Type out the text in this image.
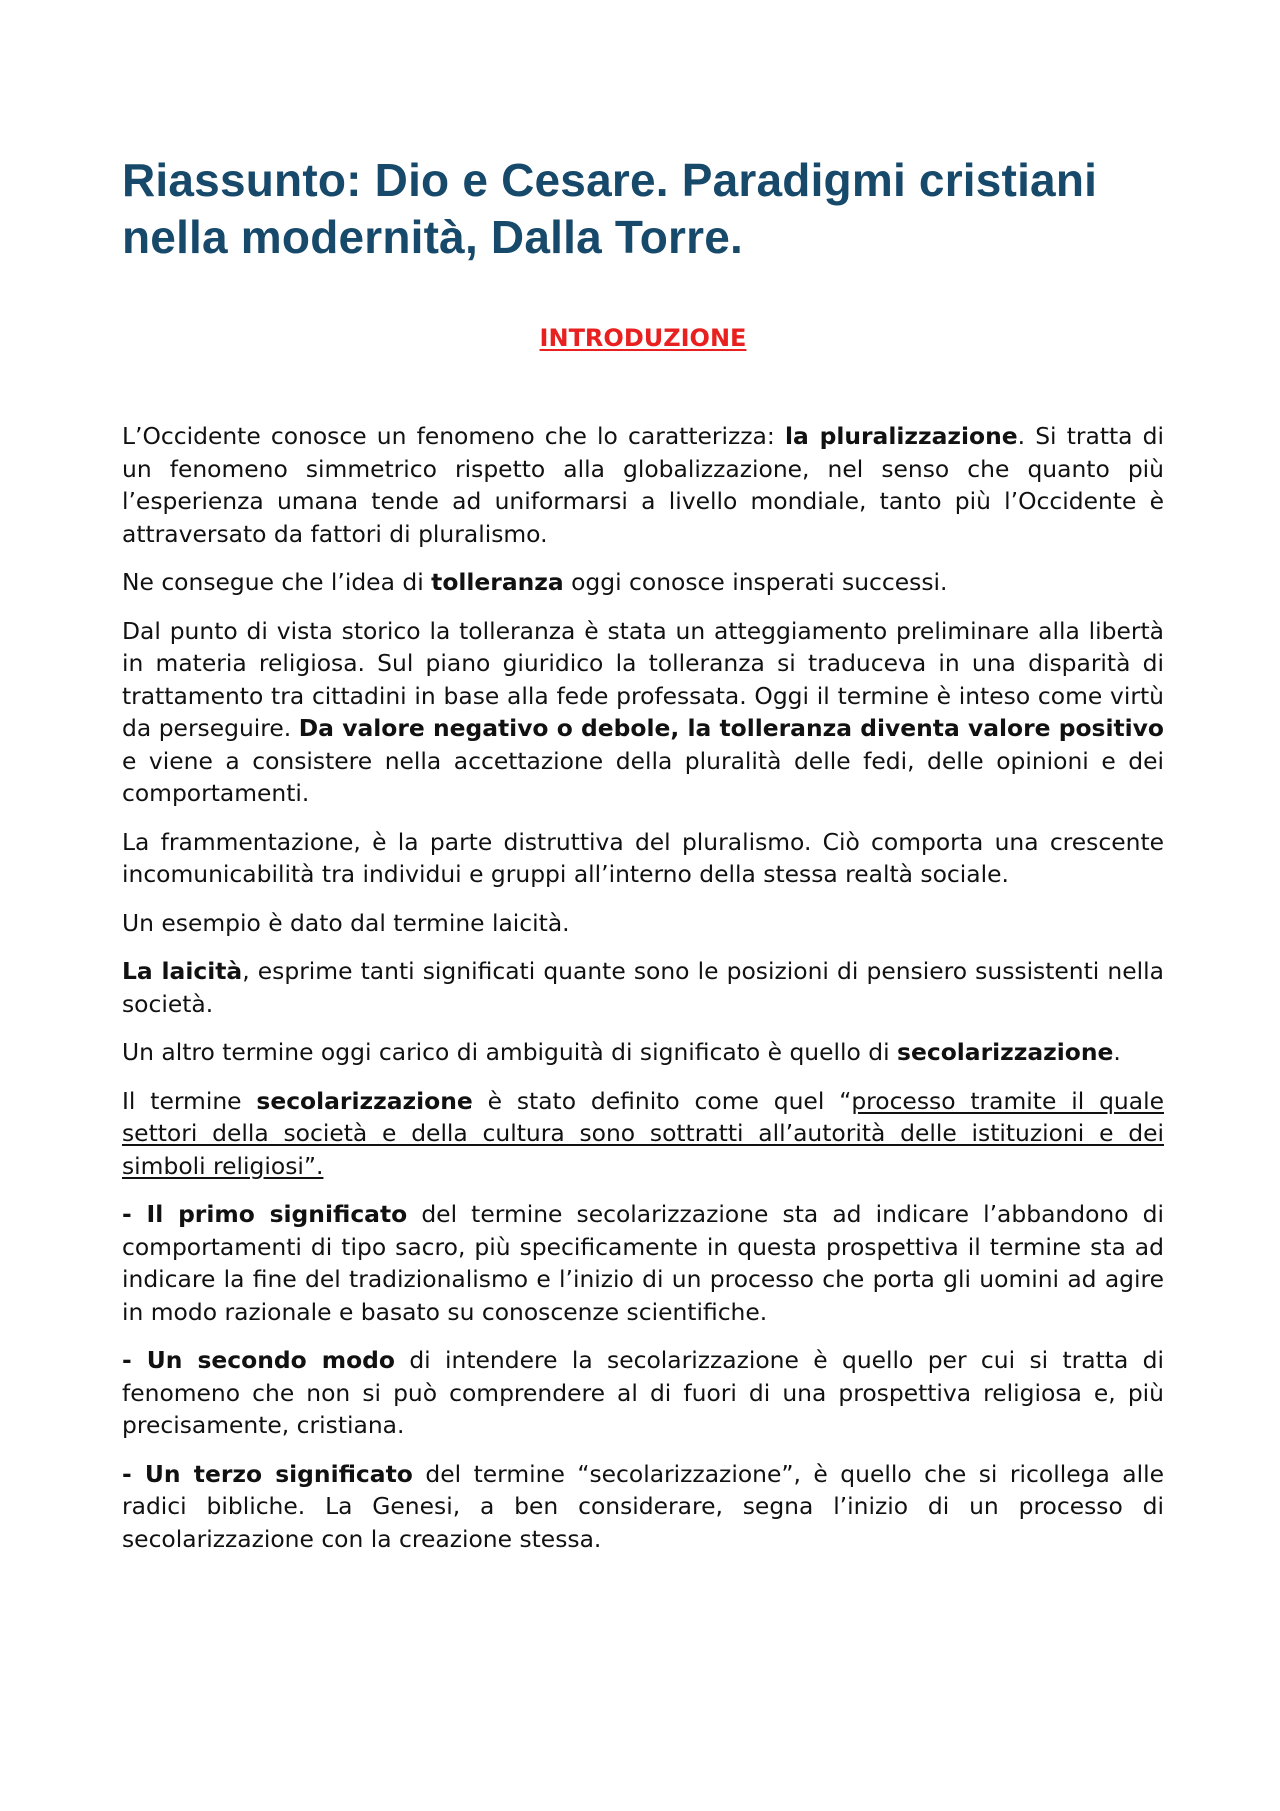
Riassunto: Dio e Cesare. Paradigmi cristiani nella modernità, Dalla Torre.
INTRODUZIONE

L’Occidente conosce un fenomeno che lo caratterizza: la pluralizzazione. Si tratta di un fenomeno simmetrico rispetto alla globalizzazione, nel senso che quanto più l’esperienza umana tende ad uniformarsi a livello mondiale, tanto più l’Occidente è attraversato da fattori di pluralismo.

Ne consegue che l’idea di tolleranza oggi conosce insperati successi.

Dal punto di vista storico la tolleranza è stata un atteggiamento preliminare alla libertà in materia religiosa. Sul piano giuridico la tolleranza si traduceva in una disparità di trattamento tra cittadini in base alla fede professata. Oggi il termine è inteso come virtù da perseguire. Da valore negativo o debole, la tolleranza diventa valore positivo e viene a consistere nella accettazione della pluralità delle fedi, delle opinioni e dei comportamenti.

La frammentazione, è la parte distruttiva del pluralismo. Ciò comporta una crescente incomunicabilità tra individui e gruppi all’interno della stessa realtà sociale.

Un esempio è dato dal termine laicità.

La laicità, esprime tanti significati quante sono le posizioni di pensiero sussistenti nella società.

Un altro termine oggi carico di ambiguità di significato è quello di secolarizzazione.

Il termine secolarizzazione è stato definito come quel “processo tramite il quale settori della società e della cultura sono sottratti all’autorità delle istituzioni e dei simboli religiosi”.

- Il primo significato del termine secolarizzazione sta ad indicare l’abbandono di comportamenti di tipo sacro, più specificamente in questa prospettiva il termine sta ad indicare la fine del tradizionalismo e l’inizio di un processo che porta gli uomini ad agire in modo razionale e basato su conoscenze scientifiche.

- Un secondo modo di intendere la secolarizzazione è quello per cui si tratta di fenomeno che non si può comprendere al di fuori di una prospettiva religiosa e, più precisamente, cristiana.

- Un terzo significato del termine “secolarizzazione”, è quello che si ricollega alle radici bibliche. La Genesi, a ben considerare, segna l’inizio di un processo di secolarizzazione con la creazione stessa.
